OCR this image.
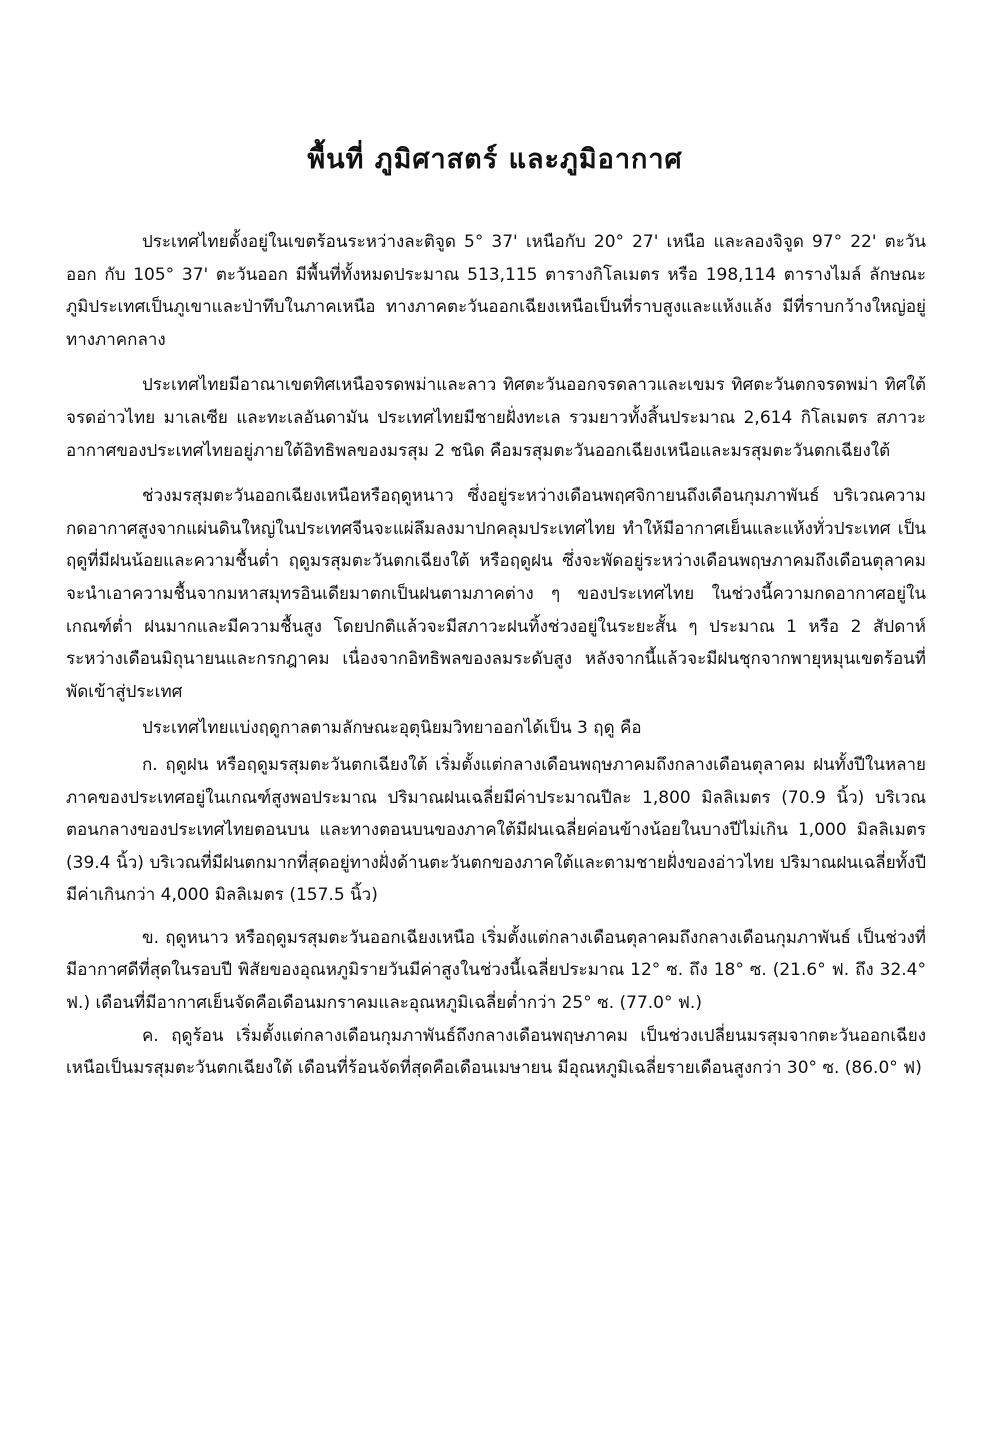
พื้นที่ ภูมิศาสตร์ และภูมิอากาศ

ประเทศไทยตั้งอยู่ในเขตร้อนระหว่างละติจูด 5° 37' เหนือกับ 20° 27' เหนือ และลองจิจูด 97° 22' ตะวันออก กับ 105° 37' ตะวันออก มีพื้นที่ทั้งหมดประมาณ 513,115 ตารางกิโลเมตร หรือ 198,114 ตารางไมล์ ลักษณะภูมิประเทศเป็นภูเขาและป่าทึบในภาคเหนือ ทางภาคตะวันออกเฉียงเหนือเป็นที่ราบสูงและแห้งแล้ง มีที่ราบกว้างใหญ่อยู่ทางภาคกลาง

ประเทศไทยมีอาณาเขตทิศเหนือจรดพม่าและลาว ทิศตะวันออกจรดลาวและเขมร ทิศตะวันตกจรดพม่า ทิศใต้จรดอ่าวไทย มาเลเซีย และทะเลอันดามัน ประเทศไทยมีชายฝั่งทะเล รวมยาวทั้งสิ้นประมาณ 2,614 กิโลเมตร สภาวะอากาศของประเทศไทยอยู่ภายใต้อิทธิพลของมรสุม 2 ชนิด คือมรสุมตะวันออกเฉียงเหนือและมรสุมตะวันตกเฉียงใต้

ช่วงมรสุมตะวันออกเฉียงเหนือหรือฤดูหนาว ซึ่งอยู่ระหว่างเดือนพฤศจิกายนถึงเดือนกุมภาพันธ์ บริเวณความกดอากาศสูงจากแผ่นดินใหญ่ในประเทศจีนจะแผ่ลึมลงมาปกคลุมประเทศไทย ทำให้มีอากาศเย็นและแห้งทั่วประเทศ เป็นฤดูที่มีฝนน้อยและความชื้นต่ำ ฤดูมรสุมตะวันตกเฉียงใต้ หรือฤดูฝน ซึ่งจะพัดอยู่ระหว่างเดือนพฤษภาคมถึงเดือนตุลาคม จะนำเอาความชื้นจากมหาสมุทรอินเดียมาตกเป็นฝนตามภาคต่าง ๆ ของประเทศไทย ในช่วงนี้ความกดอากาศอยู่ในเกณฑ์ต่ำ ฝนมากและมีความชื้นสูง โดยปกติแล้วจะมีสภาวะฝนทิ้งช่วงอยู่ในระยะสั้น ๆ ประมาณ 1 หรือ 2 สัปดาห์ ระหว่างเดือนมิถุนายนและกรกฎาคม เนื่องจากอิทธิพลของลมระดับสูง หลังจากนี้แล้วจะมีฝนชุกจากพายุหมุนเขตร้อนที่พัดเข้าสู่ประเทศ

ประเทศไทยแบ่งฤดูกาลตามลักษณะอุตุนิยมวิทยาออกได้เป็น 3 ฤดู คือ

ก. ฤดูฝน หรือฤดูมรสุมตะวันตกเฉียงใต้ เริ่มตั้งแต่กลางเดือนพฤษภาคมถึงกลางเดือนตุลาคม ฝนทั้งปีในหลายภาคของประเทศอยู่ในเกณฑ์สูงพอประมาณ ปริมาณฝนเฉลี่ยมีค่าประมาณปีละ 1,800 มิลลิเมตร (70.9 นิ้ว) บริเวณตอนกลางของประเทศไทยตอนบน และทางตอนบนของภาคใต้มีฝนเฉลี่ยค่อนข้างน้อยในบางปีไม่เกิน 1,000 มิลลิเมตร (39.4 นิ้ว) บริเวณที่มีฝนตกมากที่สุดอยู่ทางฝั่งด้านตะวันตกของภาคใต้และตามชายฝั่งของอ่าวไทย ปริมาณฝนเฉลี่ยทั้งปีมีค่าเกินกว่า 4,000 มิลลิเมตร (157.5 นิ้ว)

ข. ฤดูหนาว หรือฤดูมรสุมตะวันออกเฉียงเหนือ เริ่มตั้งแต่กลางเดือนตุลาคมถึงกลางเดือนกุมภาพันธ์ เป็นช่วงที่มีอากาศดีที่สุดในรอบปี พิสัยของอุณหภูมิรายวันมีค่าสูงในช่วงนี้เฉลี่ยประมาณ 12° ซ. ถึง 18° ซ. (21.6° ฟ. ถึง 32.4° ฟ.) เดือนที่มีอากาศเย็นจัดคือเดือนมกราคมและอุณหภูมิเฉลี่ยต่ำกว่า 25° ซ. (77.0° ฟ.)

ค. ฤดูร้อน เริ่มตั้งแต่กลางเดือนกุมภาพันธ์ถึงกลางเดือนพฤษภาคม เป็นช่วงเปลี่ยนมรสุมจากตะวันออกเฉียงเหนือเป็นมรสุมตะวันตกเฉียงใต้ เดือนที่ร้อนจัดที่สุดคือเดือนเมษายน มีอุณหภูมิเฉลี่ยรายเดือนสูงกว่า 30° ซ. (86.0° ฟ)
